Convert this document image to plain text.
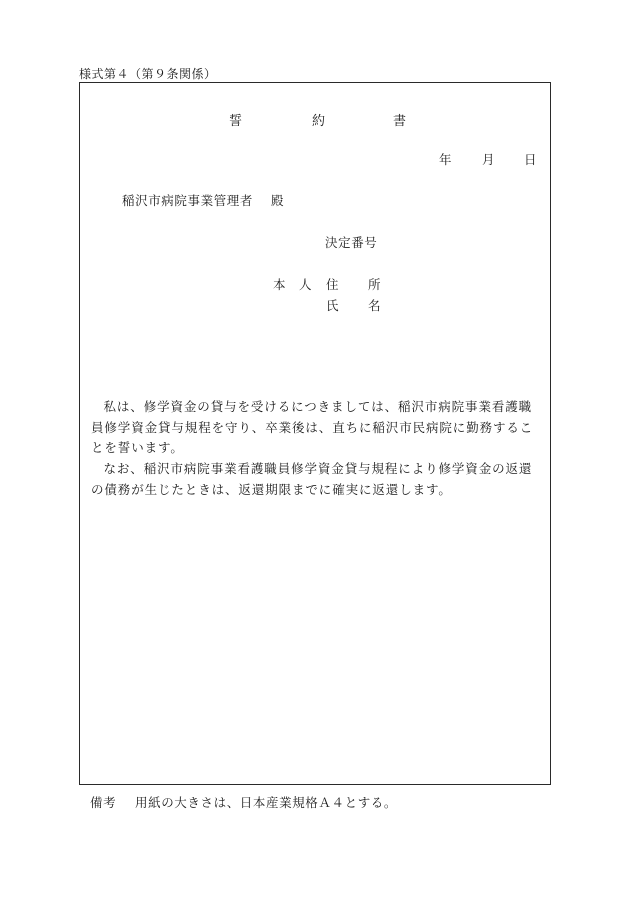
様式第４（第９条関係）
誓	約	書
年 月 日
稲沢市病院事業管理者 殿
決定番号
本　人 住 所
氏 名

私は、修学資金の貸与を受けるにつきましては、稲沢市病院事業看護職員修学資金貸与規程を守り、卒業後は、直ちに稲沢市民病院に勤務することを誓います。

なお、稲沢市病院事業看護職員修学資金貸与規程により修学資金の返還の債務が生じたときは、返還期限までに確実に返還します。

備考 用紙の大きさは、日本産業規格Ａ４とする。
